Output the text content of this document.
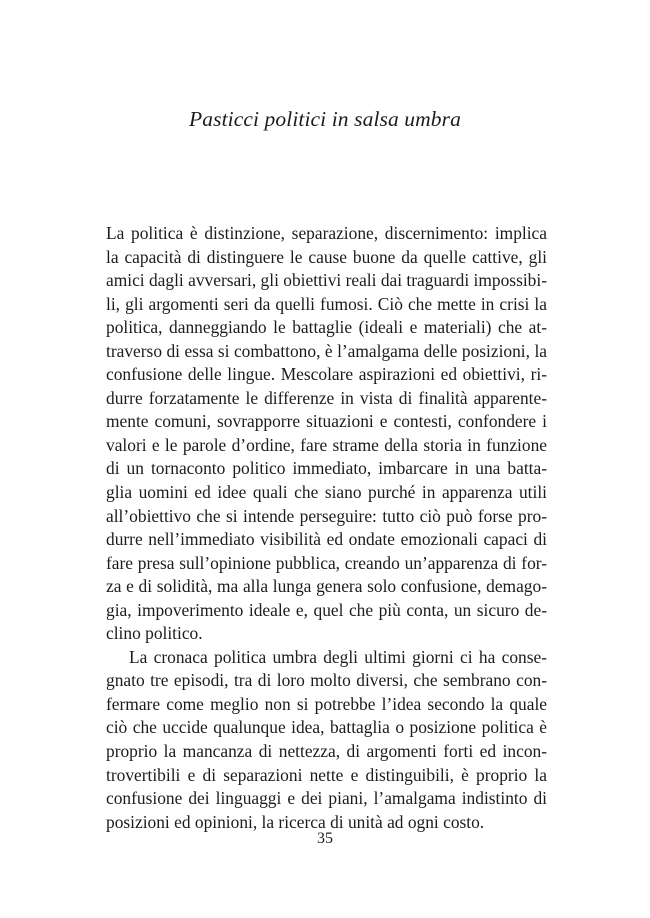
Pasticci politici in salsa umbra
La politica è distinzione, separazione, discernimento: implica
la capacità di distinguere le cause buone da quelle cattive, gli
amici dagli avversari, gli obiettivi reali dai traguardi impossibi-
li, gli argomenti seri da quelli fumosi. Ciò che mette in crisi la
politica, danneggiando le battaglie (ideali e materiali) che at-
traverso di essa si combattono, è l’amalgama delle posizioni, la
confusione delle lingue. Mescolare aspirazioni ed obiettivi, ri-
durre forzatamente le differenze in vista di finalità apparente-
mente comuni, sovrapporre situazioni e contesti, confondere i
valori e le parole d’ordine, fare strame della storia in funzione
di un tornaconto politico immediato, imbarcare in una batta-
glia uomini ed idee quali che siano purché in apparenza utili
all’obiettivo che si intende perseguire: tutto ciò può forse pro-
durre nell’immediato visibilità ed ondate emozionali capaci di
fare presa sull’opinione pubblica, creando un’apparenza di for-
za e di solidità, ma alla lunga genera solo confusione, demago-
gia, impoverimento ideale e, quel che più conta, un sicuro de-
clino politico.
La cronaca politica umbra degli ultimi giorni ci ha conse-
gnato tre episodi, tra di loro molto diversi, che sembrano con-
fermare come meglio non si potrebbe l’idea secondo la quale
ciò che uccide qualunque idea, battaglia o posizione politica è
proprio la mancanza di nettezza, di argomenti forti ed incon-
trovertibili e di separazioni nette e distinguibili, è proprio la
confusione dei linguaggi e dei piani, l’amalgama indistinto di
posizioni ed opinioni, la ricerca di unità ad ogni costo.
35
